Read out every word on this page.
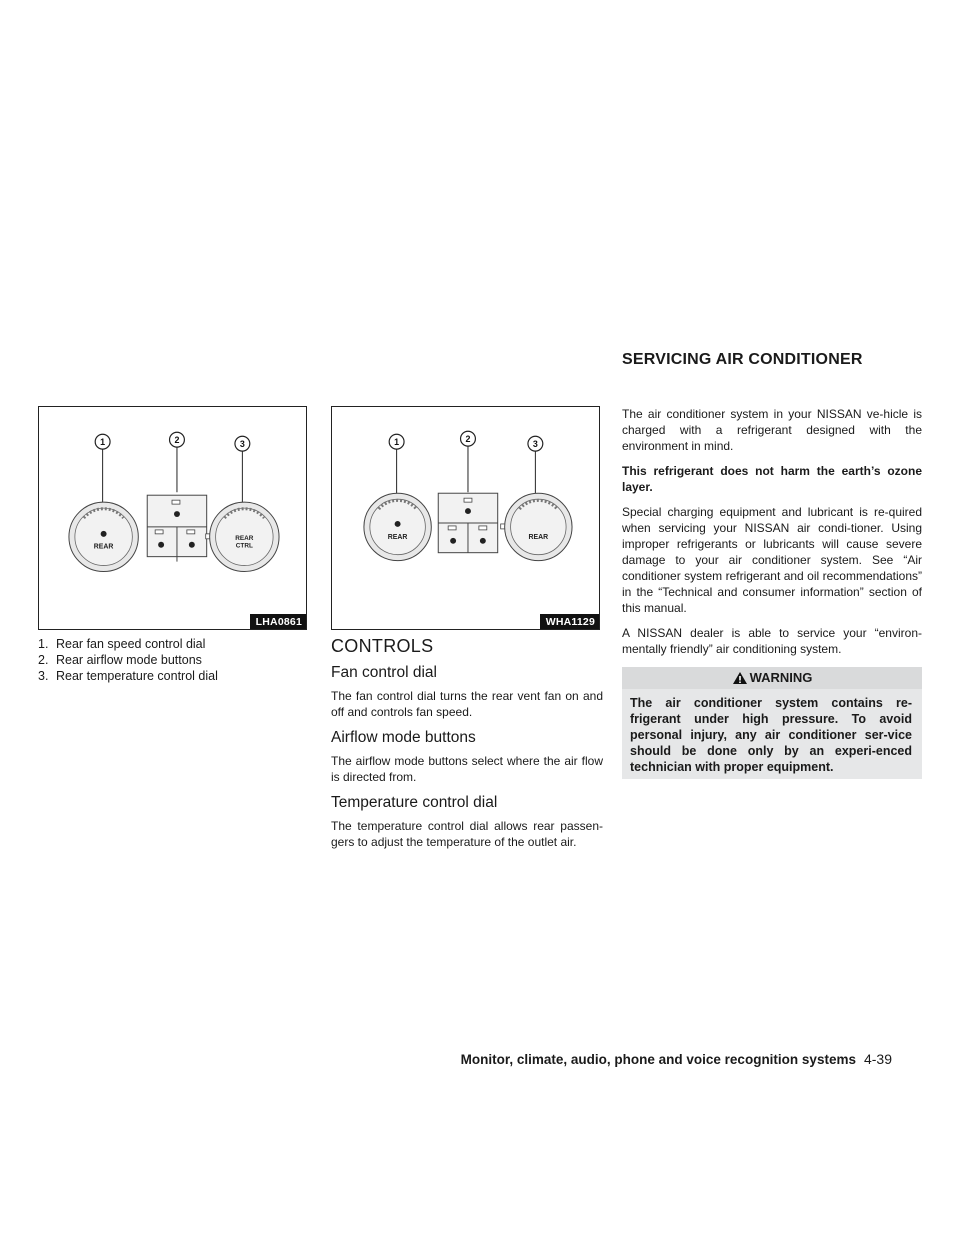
SERVICING AIR CONDITIONER
1	2	3
REAR
REAR
CTRL
LHA0861
1	2	3
REAR	REAR
WHA1129
1. Rear fan speed control dial
2. Rear airflow mode buttons
3. Rear temperature control dial
CONTROLS
Fan control dial

The fan control dial turns the rear vent fan on and off and controls fan speed.

Airflow mode buttons

The airflow mode buttons select where the air flow is directed from.

Temperature control dial

The temperature control dial allows rear passen-gers to adjust the temperature of the outlet air.

The air conditioner system in your NISSAN ve-hicle is charged with a refrigerant designed with the environment in mind.

This refrigerant does not harm the earth’s ozone layer.

Special charging equipment and lubricant is re-quired when servicing your NISSAN air condi-tioner. Using improper refrigerants or lubricants will cause severe damage to your air conditioner system. See “Air conditioner system refrigerant and oil recommendations” in the “Technical and consumer information” section of this manual.

A NISSAN dealer is able to service your “environ-mentally friendly” air conditioning system.

WARNING
The air conditioner system contains re-frigerant under high pressure. To avoid personal injury, any air conditioner ser-vice should be done only by an experi-enced technician with proper equipment.
Monitor, climate, audio, phone and voice recognition systems 4-39
